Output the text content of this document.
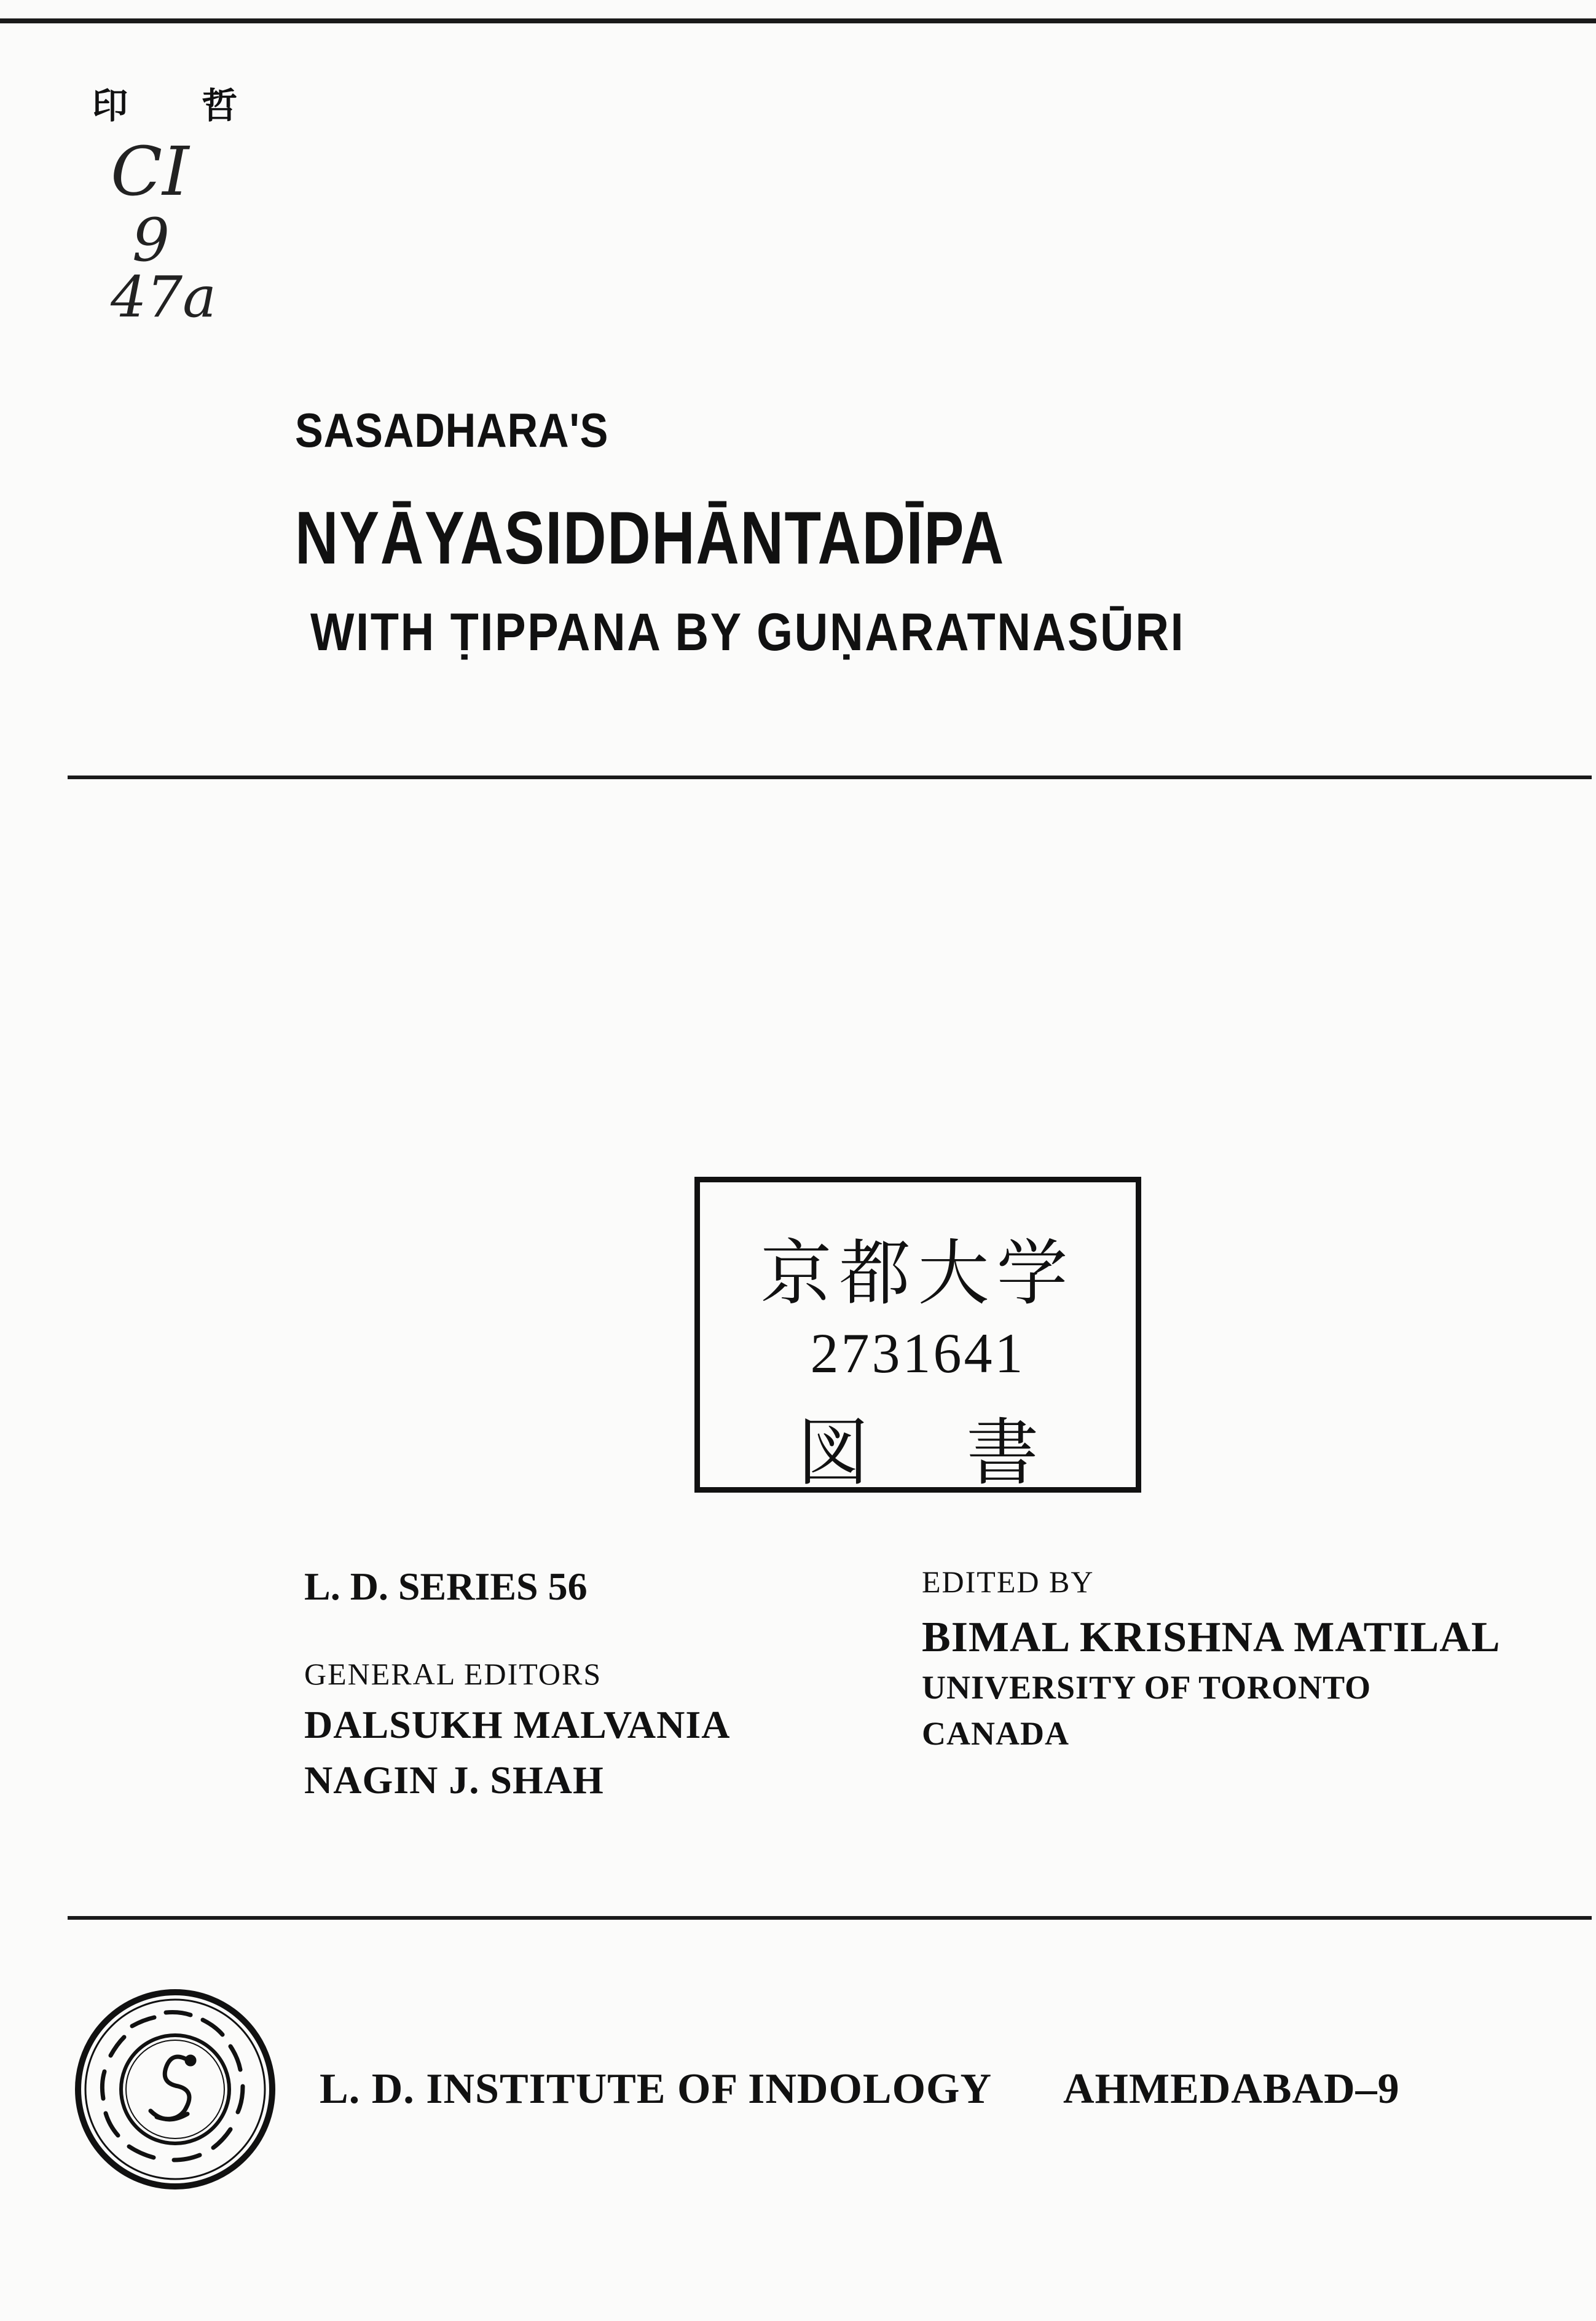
印 哲
CI
9
47a
SASADHARA'S
NYĀYASIDDHĀNTADĪPA
WITH ṬIPPANA BY GUṆARATNASŪRI
京都大学
2731641
図 書
L. D. SERIES 56
GENERAL EDITORS
DALSUKH MALVANIA
NAGIN J. SHAH
EDITED BY
BIMAL KRISHNA MATILAL
UNIVERSITY OF TORONTO
CANADA
L. D. INSTITUTE OF INDOLOGY AHMEDABAD–9
